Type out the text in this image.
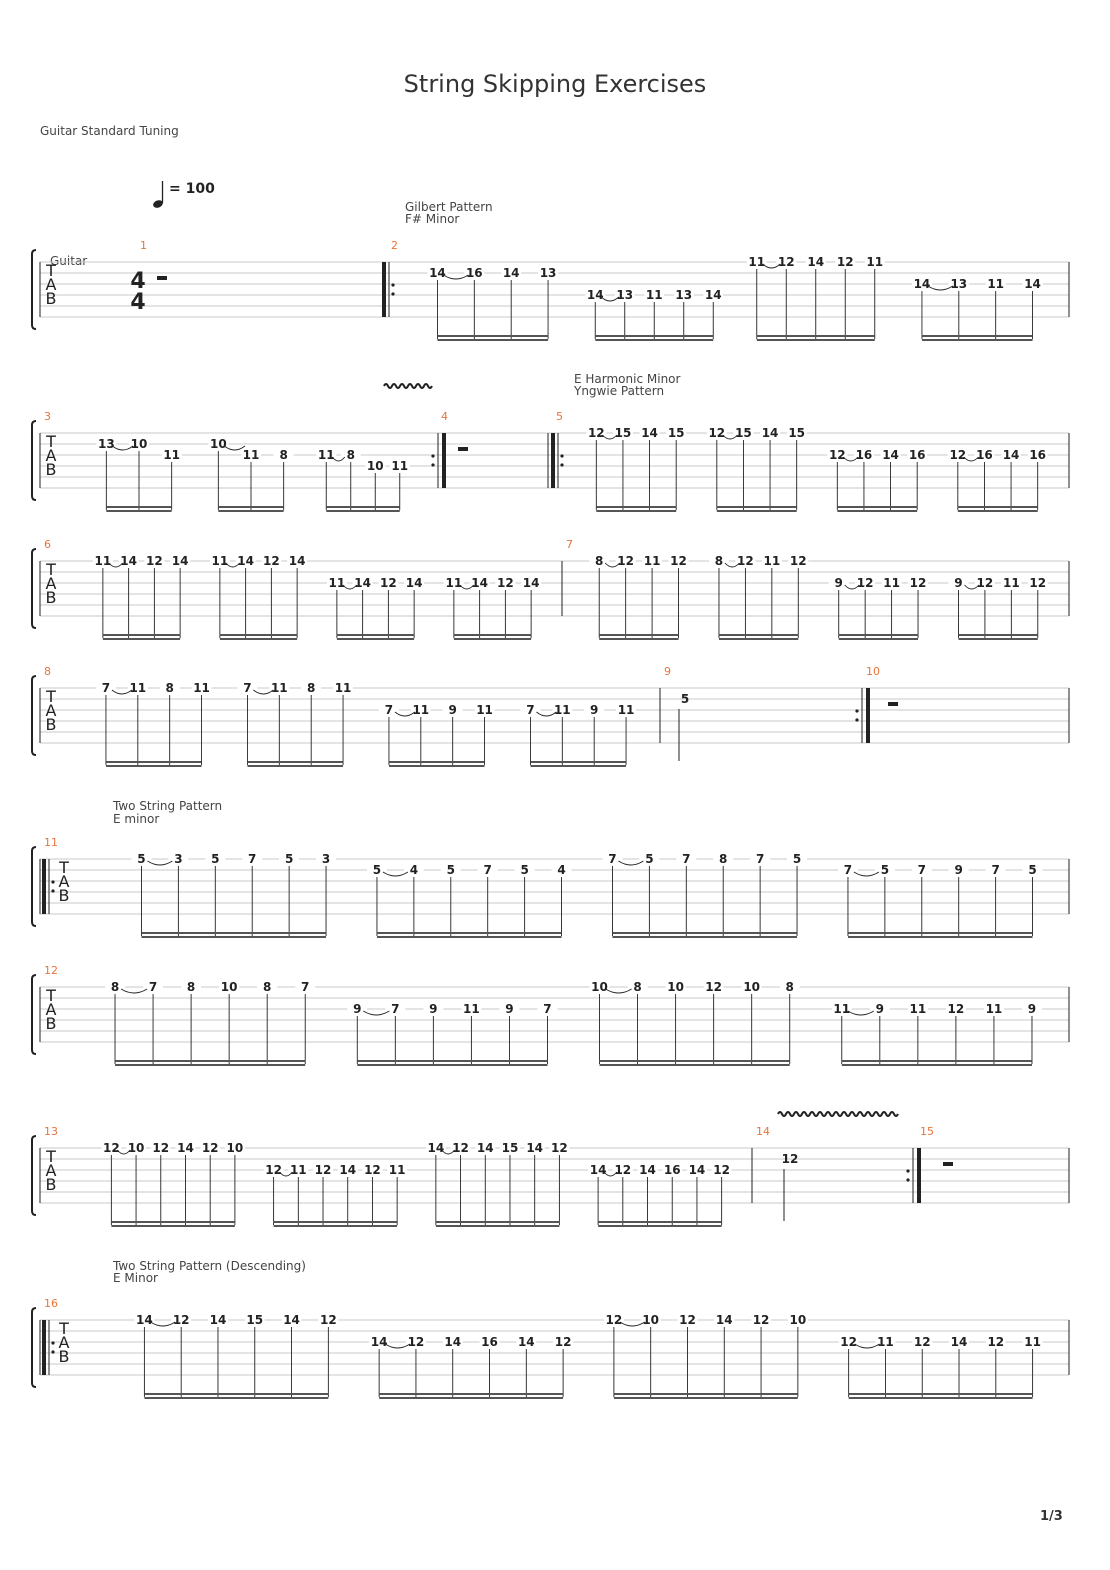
String Skipping Exercises
Guitar Standard Tuning
Gilbert Pattern
F# Minor
E Harmonic Minor
Yngwie Pattern
Two String Pattern
E minor
Two String Pattern (Descending)
E Minor
= 100
Guitar
T
A
B
4
4
1	2
14 16 14 13
14 13 11 13 14
11 12 14 12 11
14 13 11 14
T
A
B
3
13 10
11
10
11 8	11 8
10 11
4	5
12 15 14 15 12 15 14 15
12 16 14 16 12 16 14 16
T
A
B
6
11 14 12 14 11 14 12 14
11 14 12 14 11 14 12 14
7
8 12 11 12 8 12 11 12
9 12 11 12 9 12 11 12
T
A
B
8
7 11 8 11	7 11 8 11
7 11 9 11	7 11 9 11
9
5
10
T
A
B
11
5 3 5 7 5 3
5 4 5 7 5 4
7 5 7 8 7 5
7 5 7 9 7 5
T
A
B
12
8 7 8 10 8 7
9 7 9 11 9 7
10 8 10 12 10 8
11 9 11 12 11 9
T
A
B
13
12 10 12 14 12 10
12 11 12 14 12 11
14 12 14 15 14 12
14 12 14 16 14 12
14
12
15
T
A
B
16
14 12 14 15 14 12
14 12 14 16 14 12
12 10 12 14 12 10
12 11 12 14 12 11
1/3
